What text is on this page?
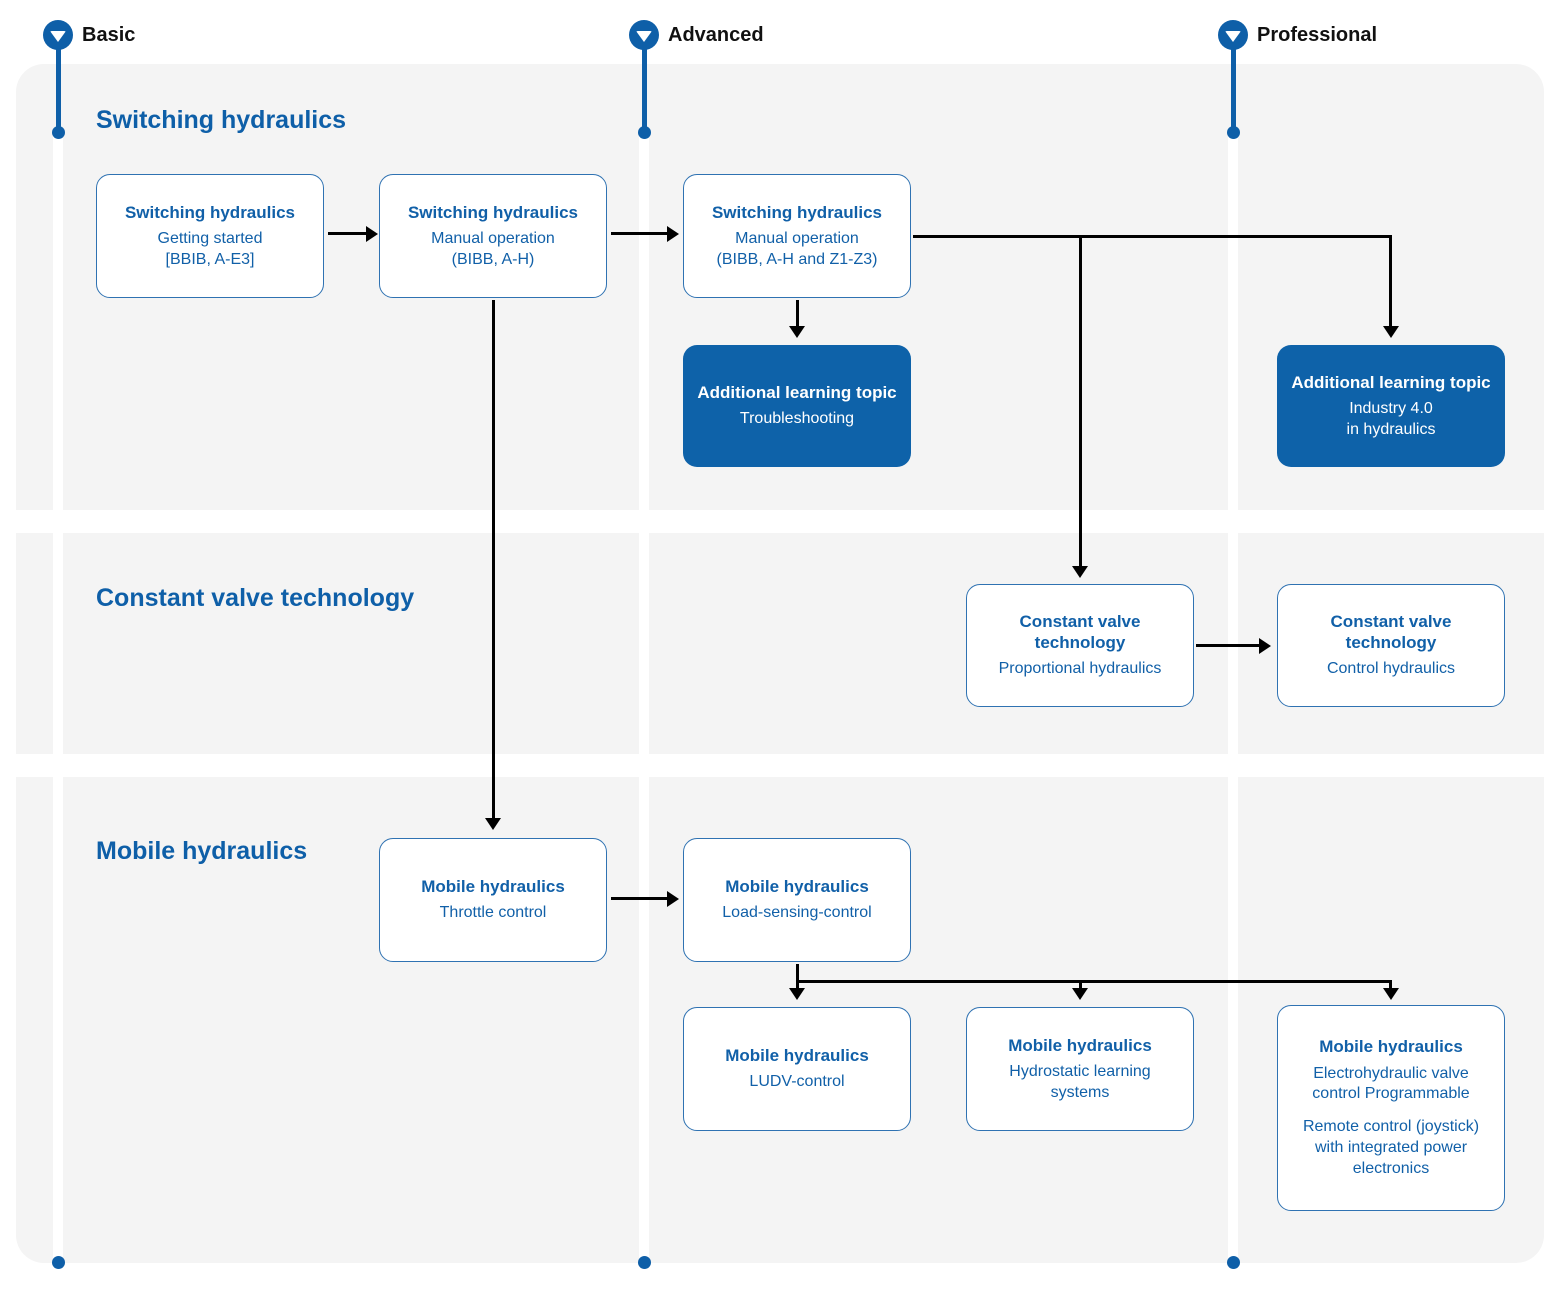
Basic	Advanced	Professional
Switching hydraulics
Constant valve technology
Mobile hydraulics
Switching hydraulics
Getting started
[BBIB, A-E3]
Switching hydraulics
Manual operation
(BIBB, A-H)
Switching hydraulics
Manual operation
(BIBB, A-H and Z1-Z3)
Additional learning topic
Troubleshooting
Additional learning topic
Industry 4.0
in hydraulics
Constant valve technology
Proportional hydraulics
Constant valve technology
Control hydraulics
Mobile hydraulics
Throttle control
Mobile hydraulics
Load-sensing-control
Mobile hydraulics
LUDV-control
Mobile hydraulics
Hydrostatic learning systems
Mobile hydraulics
Electrohydraulic valve control Programmable
Remote control (joystick) with integrated power electronics
